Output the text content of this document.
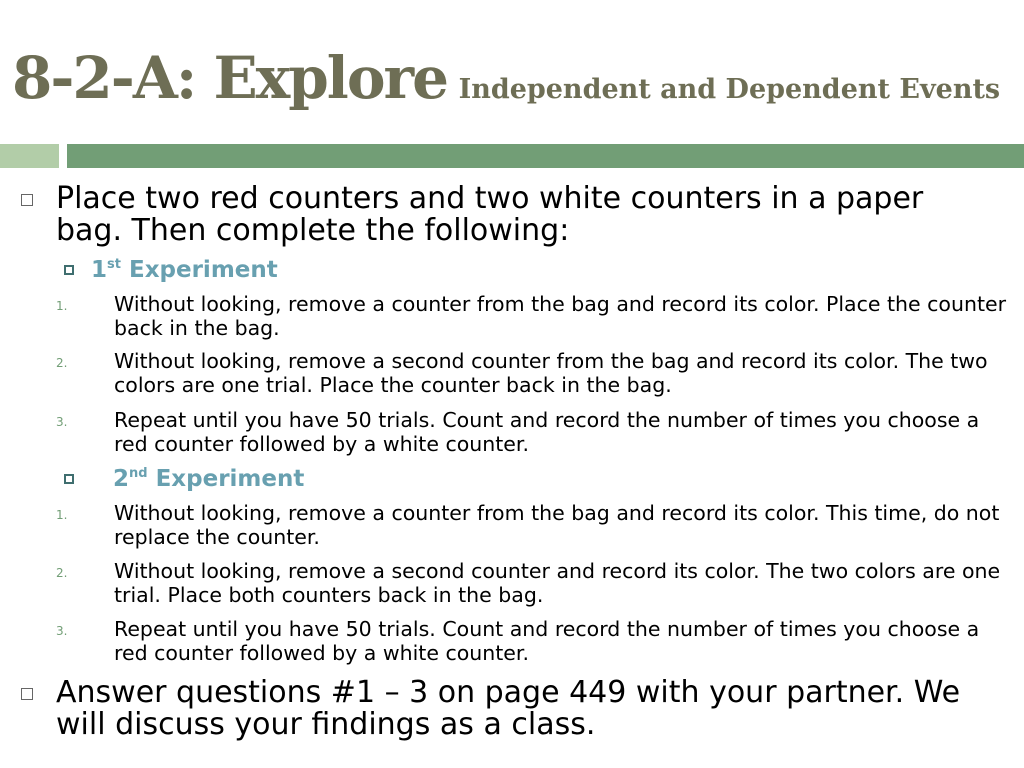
8-2-A: Explore Independent and Dependent Events
Place two red counters and two white counters in a paper bag. Then complete the following:
1st Experiment
1. Without looking, remove a counter from the bag and record its color. Place the counter back in the bag.
2. Without looking, remove a second counter from the bag and record its color. The two colors are one trial. Place the counter back in the bag.
3. Repeat until you have 50 trials. Count and record the number of times you choose a red counter followed by a white counter.
2nd Experiment
1. Without looking, remove a counter from the bag and record its color. This time, do not replace the counter.
2. Without looking, remove a second counter and record its color. The two colors are one trial. Place both counters back in the bag.
3. Repeat until you have 50 trials. Count and record the number of times you choose a red counter followed by a white counter.
Answer questions #1 – 3 on page 449 with your partner. We will discuss your findings as a class.
